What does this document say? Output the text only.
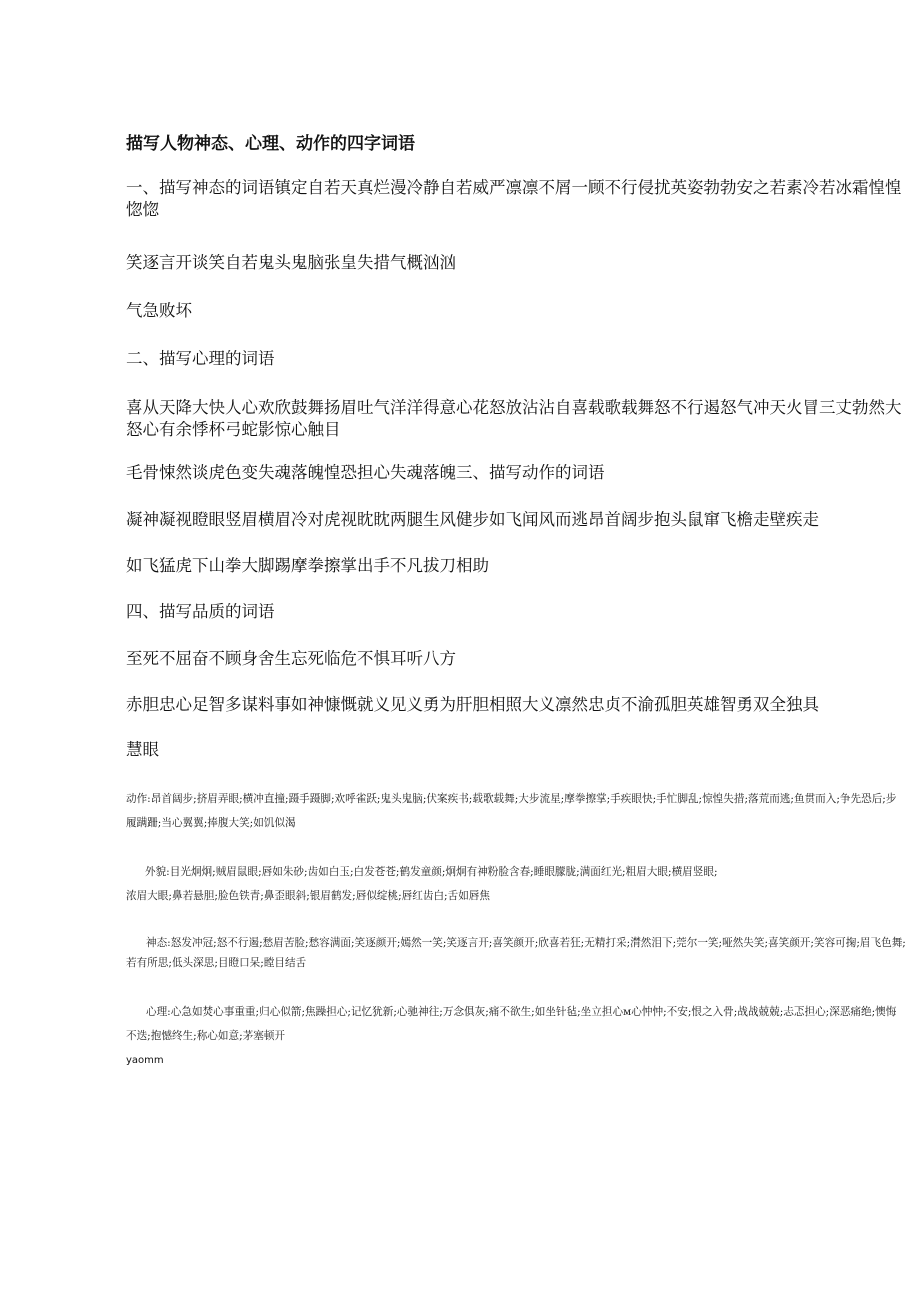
描写人物神态、心理、动作的四字词语
一、描写神态的词语镇定自若天真烂漫冷静自若威严凛凛不屑一顾不行侵扰英姿勃勃安之若素冷若冰霜惶惶惚惚
笑逐言开谈笑自若鬼头鬼脑张皇失措气概汹汹
气急败坏
二、描写心理的词语
喜从天降大快人心欢欣鼓舞扬眉吐气洋洋得意心花怒放沾沾自喜载歌载舞怒不行遏怒气冲天火冒三丈勃然大怒心有余悸杯弓蛇影惊心触目
毛骨悚然谈虎色变失魂落魄惶恐担心失魂落魄三、描写动作的词语
凝神凝视瞪眼竖眉横眉冷对虎视眈眈两腿生风健步如飞闻风而逃昂首阔步抱头鼠窜飞檐走壁疾走
如飞猛虎下山拳大脚踢摩拳擦掌出手不凡拔刀相助
四、描写品质的词语
至死不屈奋不顾身舍生忘死临危不惧耳听八方
赤胆忠心足智多谋料事如神慷慨就义见义勇为肝胆相照大义凛然忠贞不渝孤胆英雄智勇双全独具
慧眼
动作:昂首阔步;挤眉弄眼;横冲直撞;蹑手蹑脚;欢呼雀跃;鬼头鬼脑;伏案疾书;载歌载舞;大步流星;摩拳擦掌;手疾眼快;手忙脚乱;惊惶失措;落荒而逃;鱼贯而入;争先恐后;步履蹒跚;当心翼翼;捧腹大笑;如饥似渴
外貌:目光炯炯;贼眉鼠眼;唇如朱砂;齿如白玉;白发苍苍;鹤发童颜;炯炯有神粉脸含春;睡眼朦胧;满面红光;粗眉大眼;横眉竖眼;
浓眉大眼;鼻若悬胆;脸色铁青;鼻歪眼斜;银眉鹤发;唇似绽桃;唇红齿白;舌如唇焦
神态:怒发冲冠;怒不行遏;愁眉苦脸;愁容满面;笑逐颜开;嫣然一笑;笑逐言开;喜笑颜开;欣喜若狂;无精打采;潸然泪下;莞尔一笑;哑然失笑;喜笑颜开;笑容可掬;眉飞色舞;若有所思;低头深思;目瞪口呆;瞠目结舌
心理:心急如焚心事重重;归心似箭;焦躁担心;记忆犹新;心驰神往;万念俱灰;痛不欲生;如坐针毡;坐立担心м心忡忡;不安;恨之入骨;战战兢兢;忐忑担心;深恶痛绝;懊悔不迭;抱憾终生;称心如意;茅塞顿开
yaomm
